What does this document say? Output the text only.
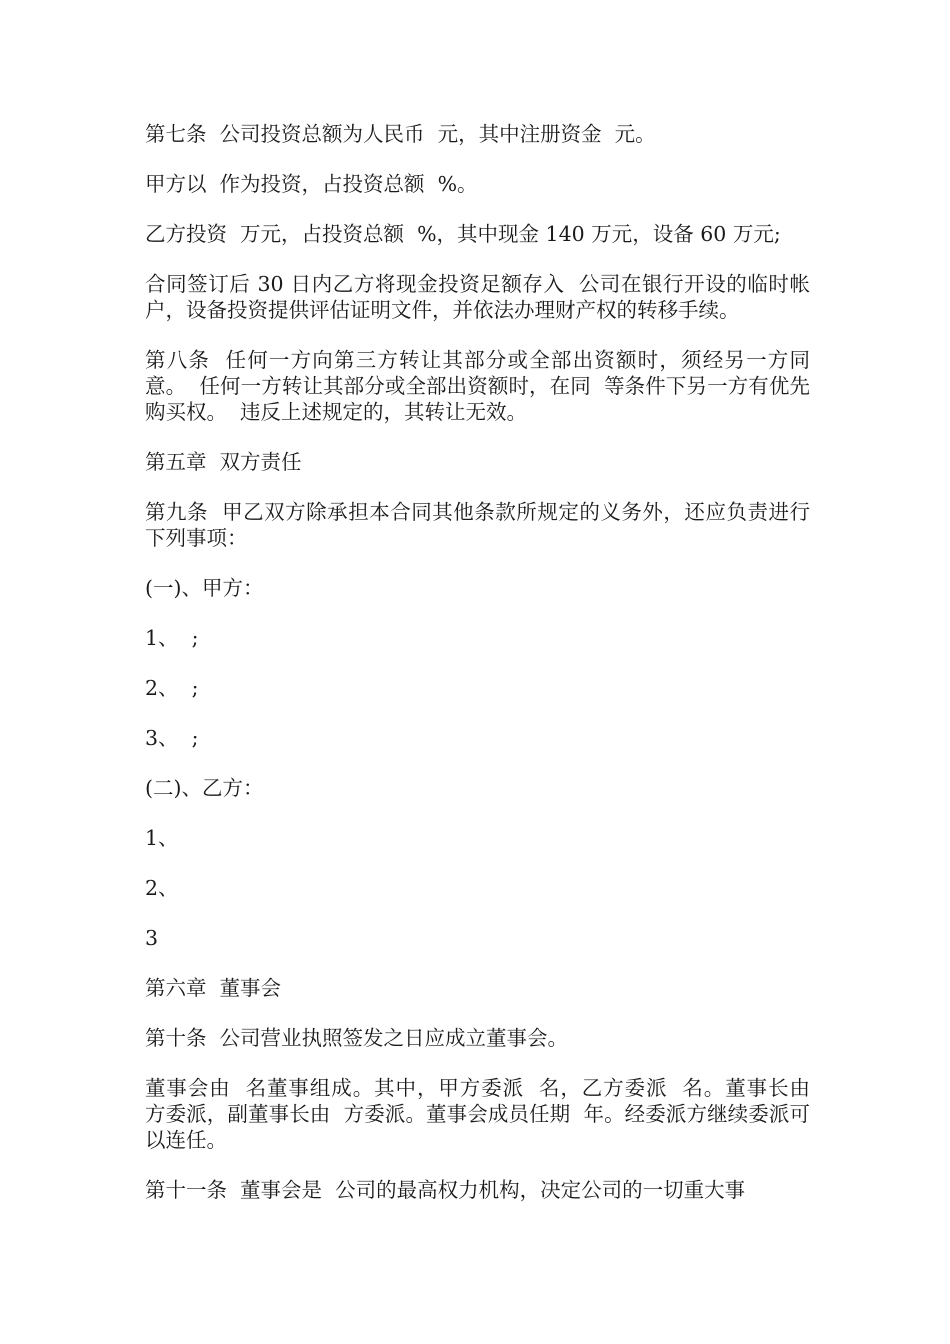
第七条  公司投资总额为人民币  元，其中注册资金  元。

甲方以  作为投资，占投资总额  %。

乙方投资  万元，占投资总额  %，其中现金 140 万元，设备 60 万元;

合同签订后 30 日内乙方将现金投资足额存入  公司在银行开设的临时帐户，设备投资提供评估证明文件，并依法办理财产权的转移手续。

第八条  任何一方向第三方转让其部分或全部出资额时，须经另一方同意。  任何一方转让其部分或全部出资额时，在同  等条件下另一方有优先购买权。  违反上述规定的，其转让无效。

第五章  双方责任

第九条  甲乙双方除承担本合同其他条款所规定的义务外，还应负责进行下列事项：

(一)、甲方：

1、  ;

2、  ;

3、  ;

(二)、乙方：

1、

2、

3

第六章  董事会

第十条  公司营业执照签发之日应成立董事会。

董事会由  名董事组成。其中，甲方委派  名，乙方委派  名。董事长由  方委派，副董事长由  方委派。董事会成员任期  年。经委派方继续委派可以连任。

第十一条  董事会是  公司的最高权力机构，决定公司的一切重大事
